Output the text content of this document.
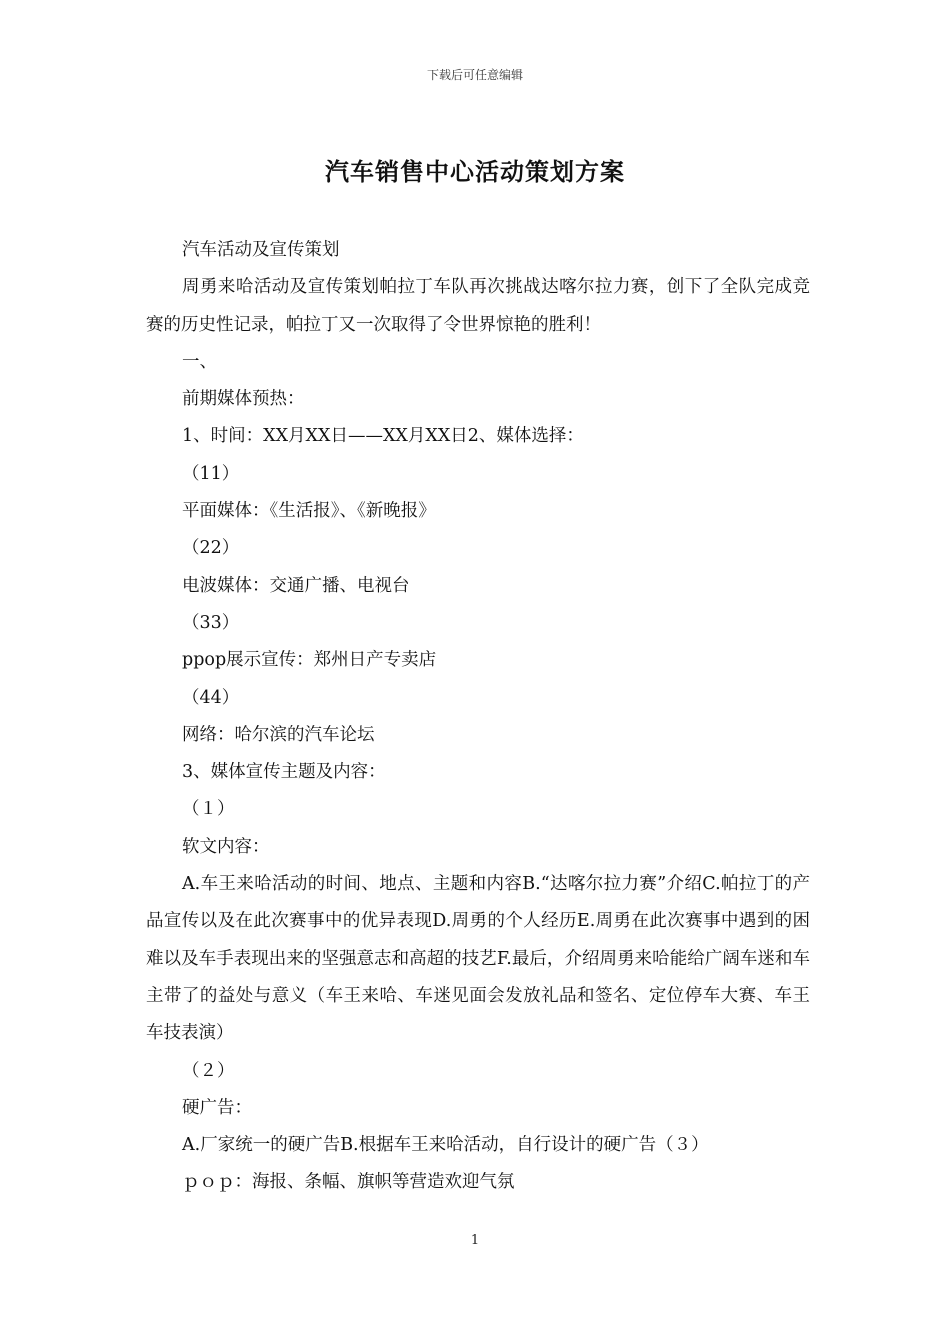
下载后可任意编辑
汽车销售中心活动策划方案

汽车活动及宣传策划

周勇来哈活动及宣传策划帕拉丁车队再次挑战达喀尔拉力赛，创下了全队完成竞赛的历史性记录，帕拉丁又一次取得了令世界惊艳的胜利！

一、

前期媒体预热：

1、时间：XX月XX日——XX月XX日2、媒体选择：

（11）

平面媒体：《生活报》、《新晚报》

（22）

电波媒体：交通广播、电视台

（33）

ppop展示宣传：郑州日产专卖店

（44）

网络：哈尔滨的汽车论坛

3、媒体宣传主题及内容：

（１）

软文内容：

A.车王来哈活动的时间、地点、主题和内容B.“达喀尔拉力赛”介绍C.帕拉丁的产品宣传以及在此次赛事中的优异表现D.周勇的个人经历E.周勇在此次赛事中遇到的困难以及车手表现出来的坚强意志和高超的技艺F.最后，介绍周勇来哈能给广阔车迷和车主带了的益处与意义（车王来哈、车迷见面会发放礼品和签名、定位停车大赛、车王车技表演）

（２）

硬广告：

A.厂家统一的硬广告B.根据车王来哈活动，自行设计的硬广告（３）

ｐｏｐ：海报、条幅、旗帜等营造欢迎气氛

1
